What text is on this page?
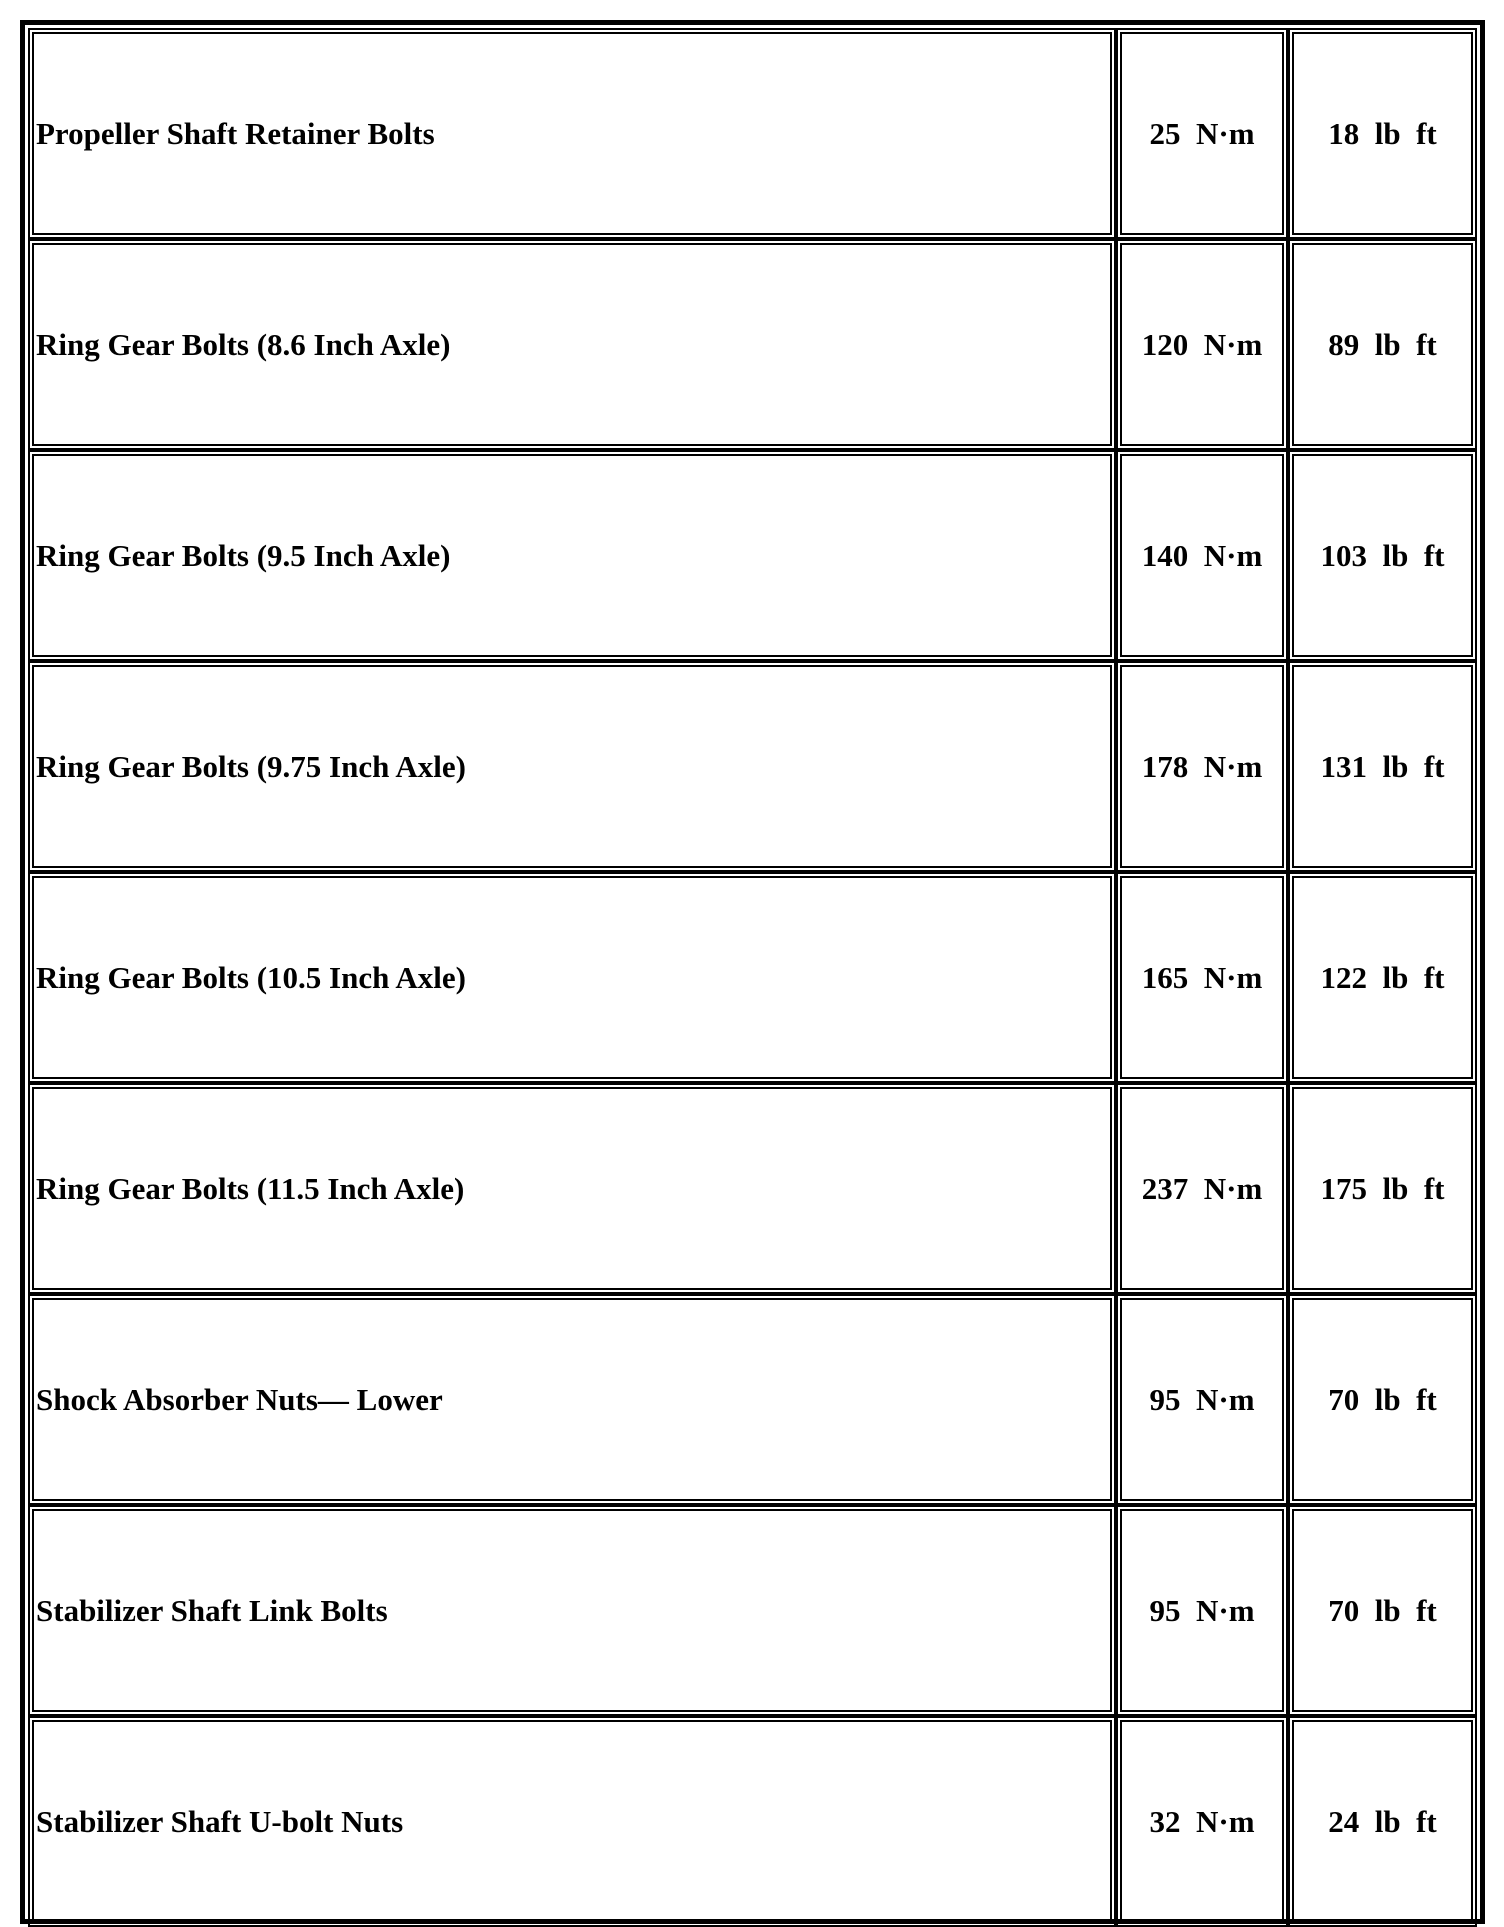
Propeller Shaft Retainer Bolts	25  N·m	18  lb  ft
Ring Gear Bolts (8.6 Inch Axle)	120  N·m	89  lb  ft
Ring Gear Bolts (9.5 Inch Axle)	140  N·m	103  lb  ft
Ring Gear Bolts (9.75 Inch Axle)	178  N·m	131  lb  ft
Ring Gear Bolts (10.5 Inch Axle)	165  N·m	122  lb  ft
Ring Gear Bolts (11.5 Inch Axle)	237  N·m	175  lb  ft
Shock Absorber Nuts— Lower	95  N·m	70  lb  ft
Stabilizer Shaft Link Bolts	95  N·m	70  lb  ft
Stabilizer Shaft U-bolt Nuts	32  N·m	24  lb  ft
